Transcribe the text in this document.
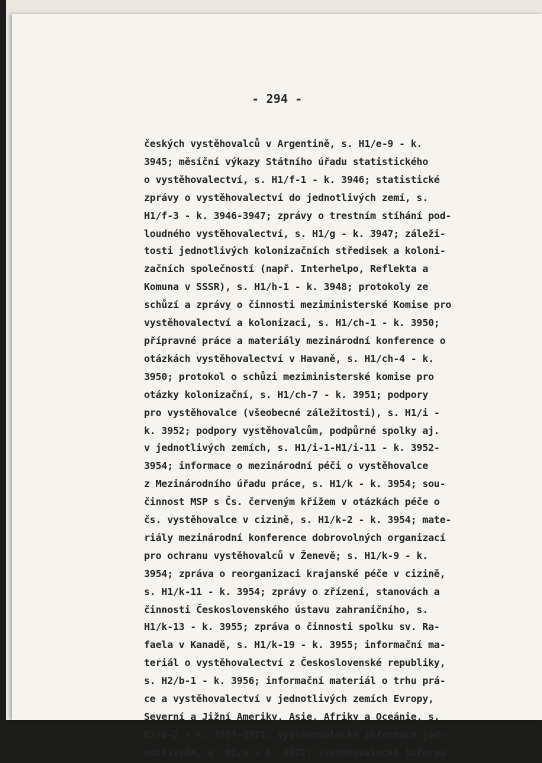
- 294 -
českých vystěhovalců v Argentině, s. H1/e-9 - k.
3945; měsíční výkazy Státního úřadu statistického
o vystěhovalectví, s. H1/f-1 - k. 3946; statistické
zprávy o vystěhovalectví do jednotlivých zemí, s.
H1/f-3 - k. 3946-3947; zprávy o trestním stíhání pod-
loudného vystěhovalectví, s. H1/g - k. 3947; záleži-
tosti jednotlivých kolonizačních středisek a koloni-
začních společností (např. Interhelpo, Reflekta a
Komuna v SSSR), s. H1/h-1 - k. 3948; protokoly ze
schůzí a zprávy o činnosti meziministerské Komise pro
vystěhovalectví a kolonizaci, s. H1/ch-1 - k. 3950;
přípravné práce a materiály mezinárodní konference o
otázkách vystěhovalectví v Havaně, s. H1/ch-4 - k.
3950; protokol o schůzi meziministerské komise pro
otázky kolonizační, s. H1/ch-7 - k. 3951; podpory
pro vystěhovalce (všeobecné záležitosti), s. H1/i -
k. 3952; podpory vystěhovalcům, podpůrné spolky aj.
v jednotlivých zemích, s. H1/i-1-H1/i-11 - k. 3952-
3954; informace o mezinárodní péči o vystěhovalce
z Mezinárodního úřadu práce, s. H1/k - k. 3954; sou-
činnost MSP s Čs. červeným křížem v otázkách péče o
čs. vystěhovalce v cizině, s. H1/k-2 - k. 3954; mate-
riály mezinárodní konference dobrovolných organizací
pro ochranu vystěhovalců v Ženevě; s. H1/k-9 - k.
3954; zpráva o reorganizaci krajanské péče v cizině,
s. H1/k-11 - k. 3954; zprávy o zřízení, stanovách a
činnosti Československého ústavu zahraničního, s.
H1/k-13 - k. 3955; zpráva o činnosti spolku sv. Ra-
faela v Kanadě, s. H1/k-19 - k. 3955; informační ma-
teriál o vystěhovalectví z Československé republiky,
s. H2/b-1 - k. 3956; informační materiál o trhu prá-
ce a vystěhovalectví v jednotlivých zemích Evropy,
Severní a Jižní Ameriky, Asie, Afriky a Oceánie, s.
H2/b-2 - k. 3957-3971; vystěhovalecké informace jed-
notlivcům, s. H2/e - k. 3972; vystěhovalecké informa-
